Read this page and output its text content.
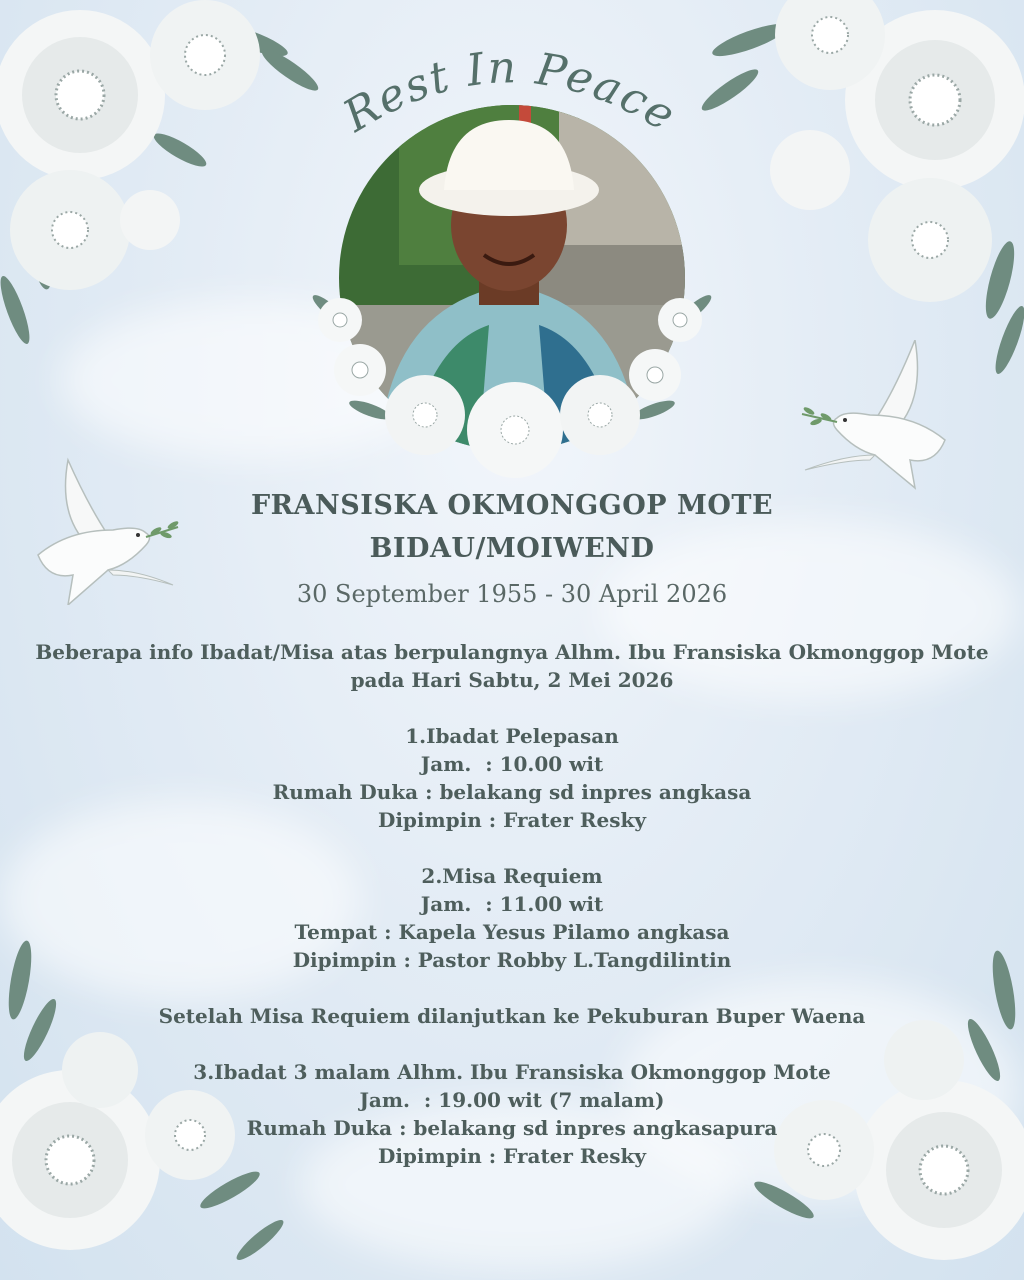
Rest In Peace
FRANSISKA OKMONGGOP MOTE
BIDAU/MOIWEND
30 September 1955 - 30 April 2026

Beberapa info Ibadat/Misa atas berpulangnya Alhm. Ibu Fransiska Okmonggop Mote

pada Hari Sabtu, 2 Mei 2026

1.Ibadat Pelepasan

Jam.  : 10.00 wit

Rumah Duka : belakang sd inpres angkasa

Dipimpin : Frater Resky

2.Misa Requiem

Jam.  : 11.00 wit

Tempat : Kapela Yesus Pilamo angkasa

Dipimpin : Pastor Robby L.Tangdilintin

Setelah Misa Requiem dilanjutkan ke Pekuburan Buper Waena

3.Ibadat 3 malam Alhm. Ibu Fransiska Okmonggop Mote

Jam.  : 19.00 wit (7 malam)

Rumah Duka : belakang sd inpres angkasapura

Dipimpin : Frater Resky
